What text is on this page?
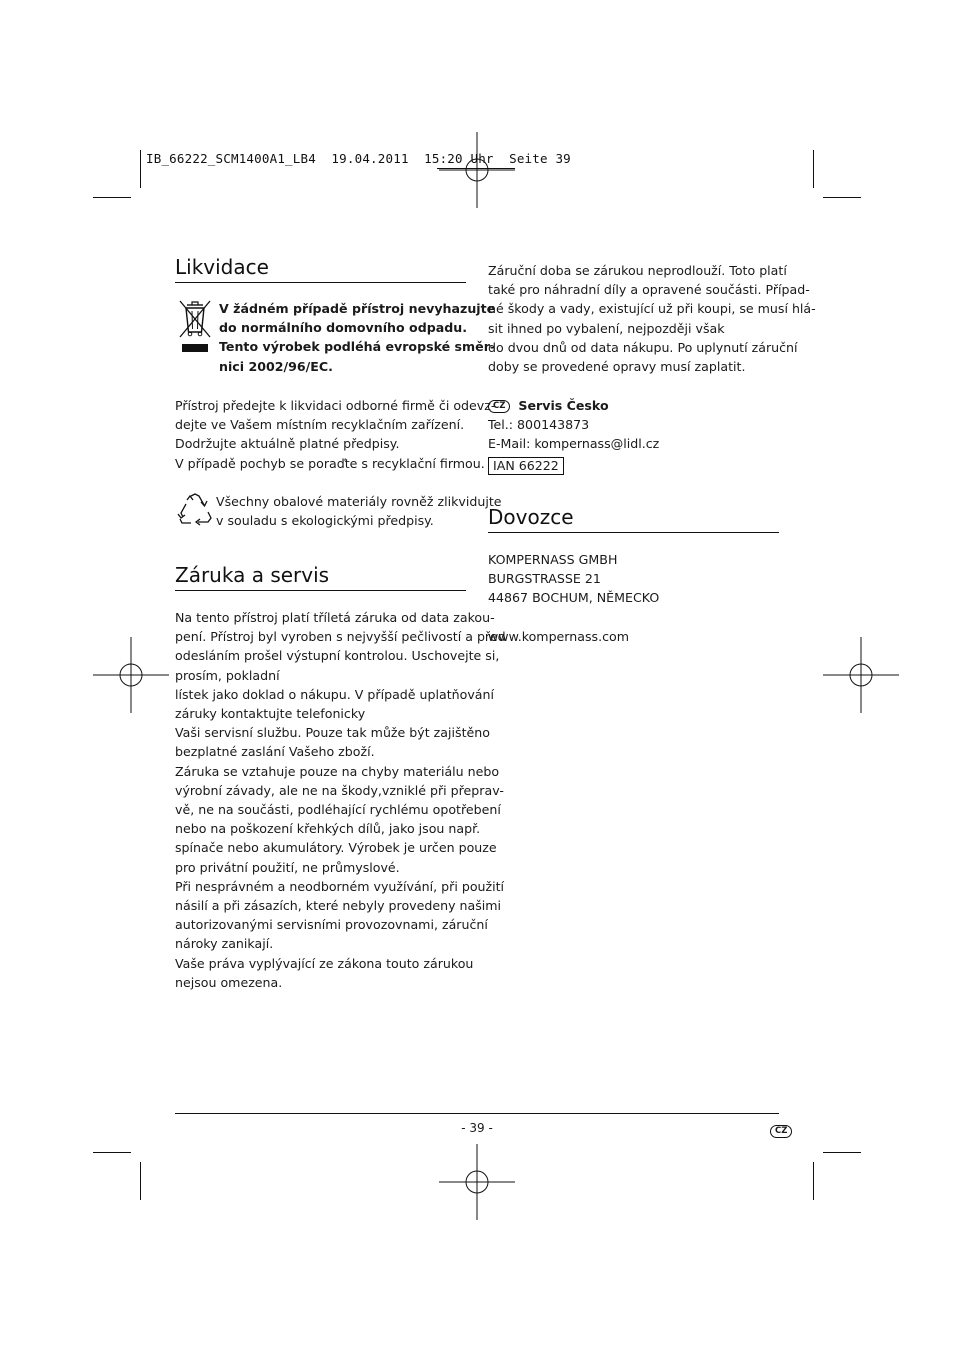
IB_66222_SCM1400A1_LB4  19.04.2011  15:20 Uhr  Seite 39
Likvidace
V žádném případě přístroj nevyhazujte
do normálního domovního odpadu.
Tento výrobek podléhá evropské směr-
nici 2002/96/EC.
Přístroj předejte k likvidaci odborné firmě či odevz-
dejte ve Vašem místním recyklačním zařízení.
Dodržujte aktuálně platné předpisy.
V případě pochyb se poraďte s recyklační firmou.
Všechny obalové materiály rovněž zlikvidujte
v souladu s ekologickými předpisy.
Záruka a servis
Na tento přístroj platí tříletá záruka od data zakou-
pení. Přístroj byl vyroben s nejvyšší pečlivostí a před
odesláním prošel výstupní kontrolou. Uschovejte si,
prosím, pokladní
lístek jako doklad o nákupu. V případě uplatňování
záruky kontaktujte telefonicky
Vaši servisní službu. Pouze tak může být zajištěno
bezplatné zaslání Vašeho zboží.
Záruka se vztahuje pouze na chyby materiálu nebo
výrobní závady, ale ne na škody,vzniklé při přeprav-
vě, ne na součásti, podléhající rychlému opotřebení
nebo na poškození křehkých dílů, jako jsou např.
spínače nebo akumulátory. Výrobek je určen pouze
pro privátní použití, ne průmyslové.
Při nesprávném a neodborném využívání, při použití
násilí a při zásazích, které nebyly provedeny našimi
autorizovanými servisními provozovnami, záruční
nároky zanikají.
Vaše práva vyplývající ze zákona touto zárukou
nejsou omezena.
Záruční doba se zárukou neprodlouží. Toto platí
také pro náhradní díly a opravené součásti. Případ-
né škody a vady, existující už při koupi, se musí hlá-
sit ihned po vybalení, nejpozději však
do dvou dnů od data nákupu. Po uplynutí záruční
doby se provedené opravy musí zaplatit.
CZ Servis Česko
Tel.: 800143873
E-Mail: kompernass@lidl.cz
IAN 66222
Dovozce
KOMPERNASS GMBH
BURGSTRASSE 21
44867 BOCHUM, NĚMECKO
www.kompernass.com
- 39 -	CZ
